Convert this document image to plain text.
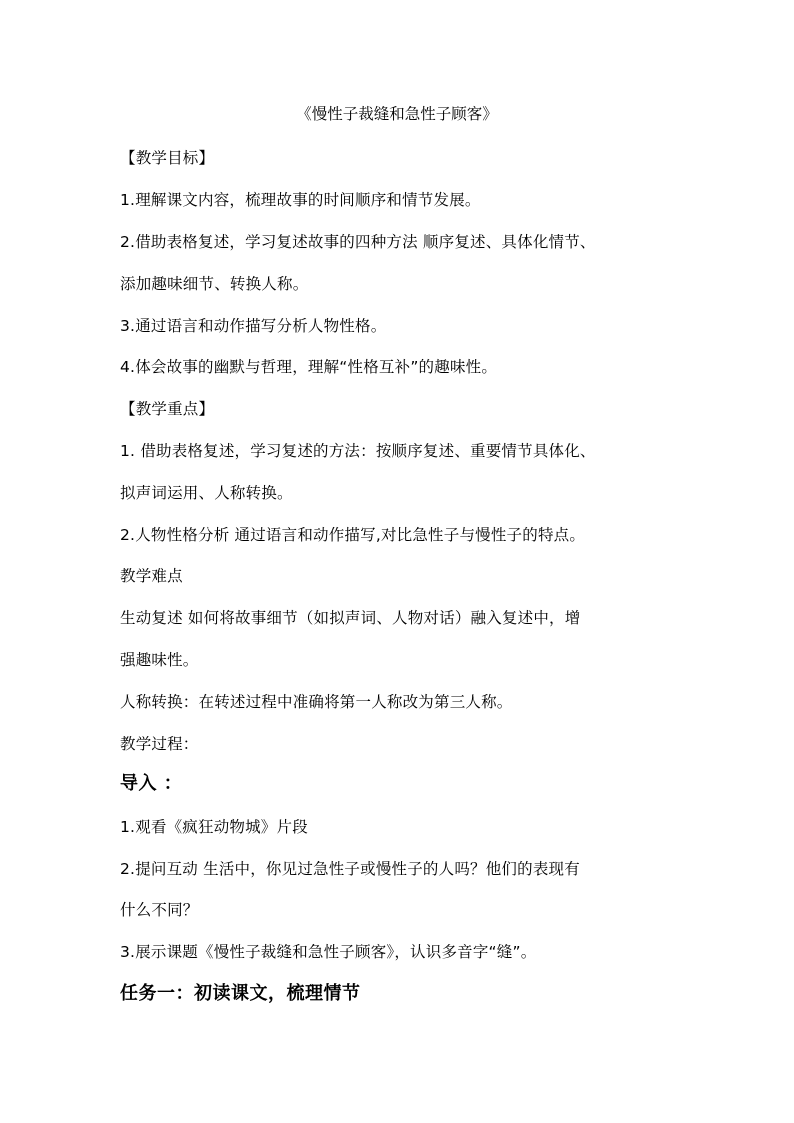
《慢性子裁缝和急性子顾客》
【教学目标】
1.理解课文内容，梳理故事的时间顺序和情节发展。
2.借助表格复述，学习复述故事的四种方法 顺序复述、具体化情节、
添加趣味细节、转换人称。
3.通过语言和动作描写分析人物性格。
4.体会故事的幽默与哲理，理解“性格互补”的趣味性。
【教学重点】
1. 借助表格复述，学习复述的方法：按顺序复述、重要情节具体化、
拟声词运用、人称转换。
2.人物性格分析 通过语言和动作描写,对比急性子与慢性子的特点。
教学难点
生动复述 如何将故事细节（如拟声词、人物对话）融入复述中，增
强趣味性。
人称转换：在转述过程中准确将第一人称改为第三人称。
教学过程：
导入 ：
1.观看《疯狂动物城》片段
2.提问互动 生活中，你见过急性子或慢性子的人吗？他们的表现有
什么不同？
3.展示课题《慢性子裁缝和急性子顾客》，认识多音字“缝”。
任务一：初读课文，梳理情节
